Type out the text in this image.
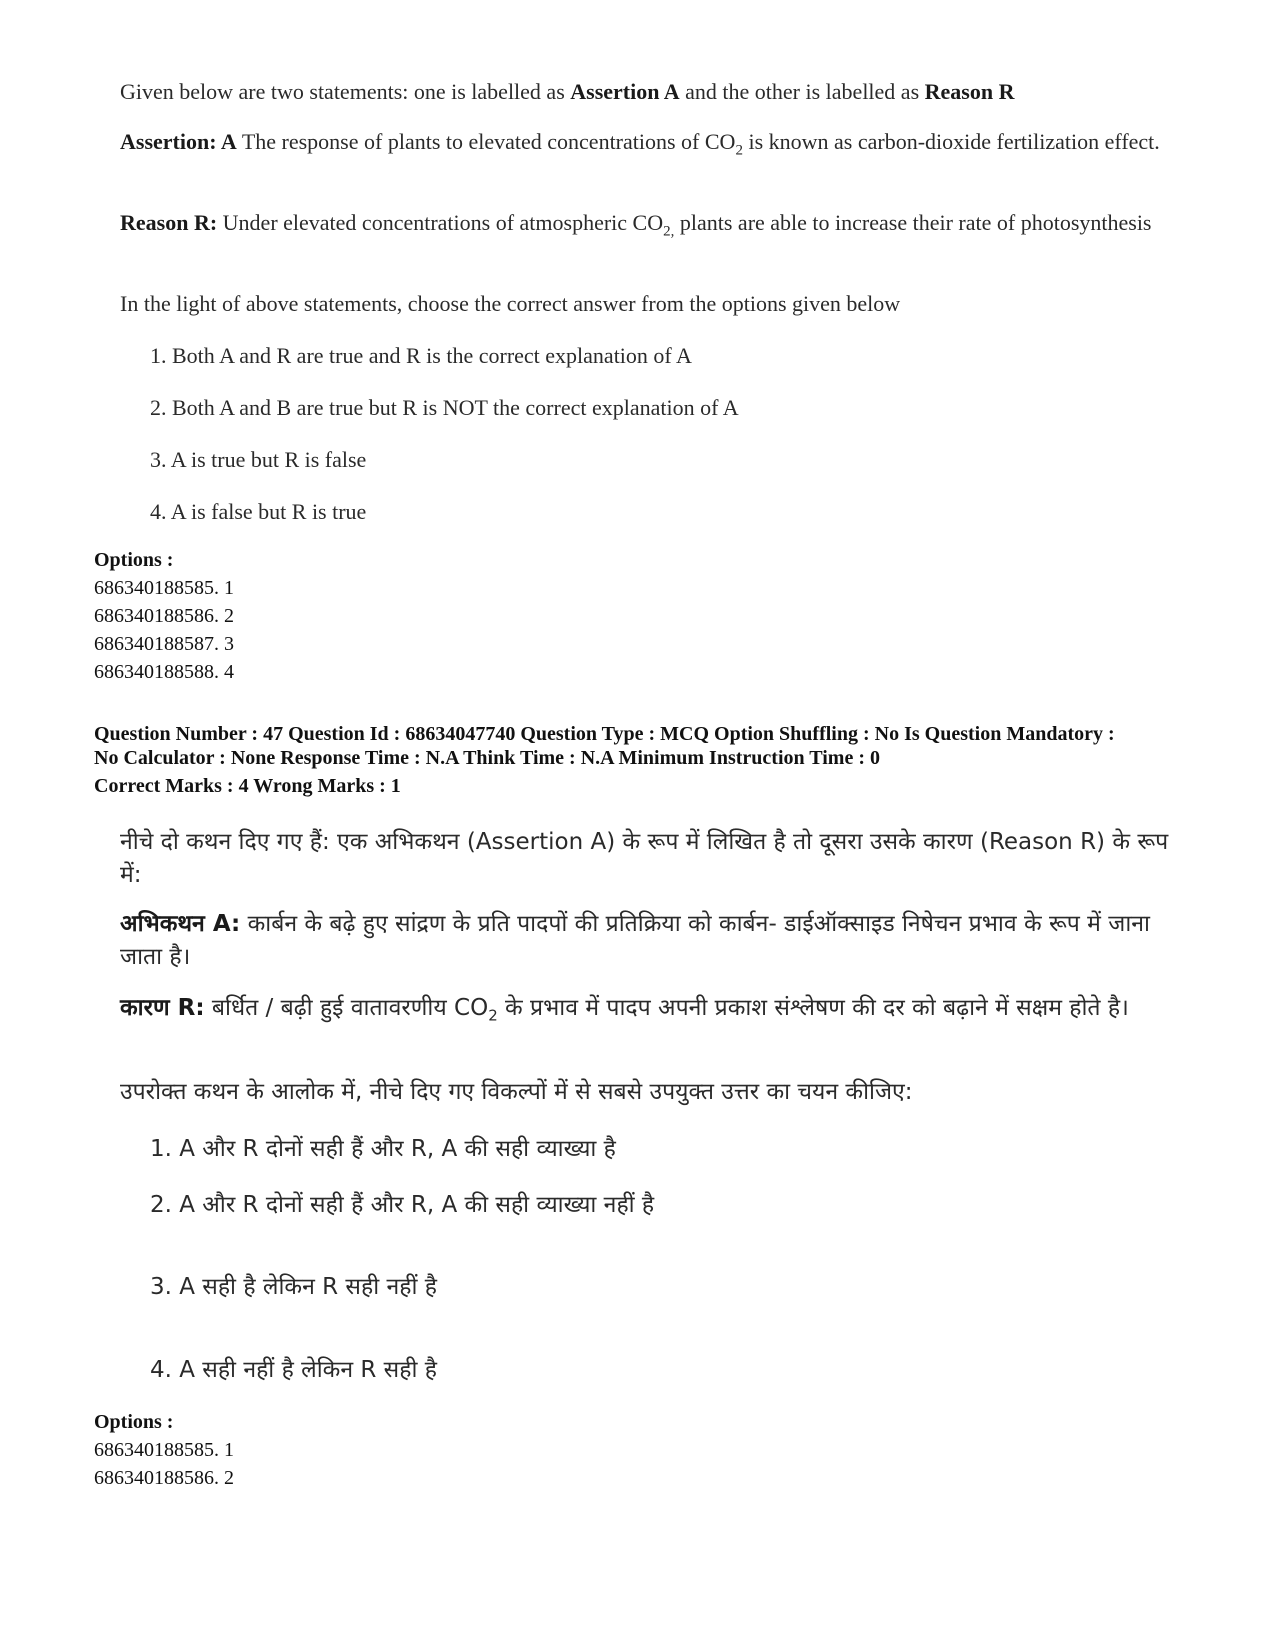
Given below are two statements: one is labelled as Assertion A and the other is labelled as Reason R

Assertion: A The response of plants to elevated concentrations of $CO_2$ is known as carbon-dioxide fertilization effect.

Reason R: Under elevated concentrations of atmospheric $CO_{2,}$ plants are able to increase their rate of photosynthesis

In the light of above statements, choose the correct answer from the options given below

1. Both A and R are true and R is the correct explanation of A
2. Both A and B are true but R is NOT the correct explanation of A
3. A is true but R is false
4. A is false but R is true
Options :
686340188585. 1
686340188586. 2
686340188587. 3
686340188588. 4
Question Number : 47 Question Id : 68634047740 Question Type : MCQ Option Shuffling : No Is Question Mandatory :
No Calculator : None Response Time : N.A Think Time : N.A Minimum Instruction Time : 0
Correct Marks : 4 Wrong Marks : 1

नीचे दो कथन दिए गए हैं: एक अभिकथन (Assertion A) के रूप में लिखित है तो दूसरा उसके कारण (Reason R) के रूप में:

अभिकथन A: कार्बन के बढ़े हुए सांद्रण के प्रति पादपों की प्रतिक्रिया को कार्बन- डाईऑक्साइड निषेचन प्रभाव के रूप में जाना जाता है।

कारण R: बर्धित / बढ़ी हुई वातावरणीय $CO_2$ के प्रभाव में पादप अपनी प्रकाश संश्लेषण की दर को बढ़ाने में सक्षम होते है।

उपरोक्त कथन के आलोक में, नीचे दिए गए विकल्पों में से सबसे उपयुक्त उत्तर का चयन कीजिए:

1. A और R दोनों सही हैं और R, A की सही व्याख्या है
2. A और R दोनों सही हैं और R, A की सही व्याख्या नहीं है
3. A सही है लेकिन R सही नहीं है
4. A सही नहीं है लेकिन R सही है
Options :
686340188585. 1
686340188586. 2
